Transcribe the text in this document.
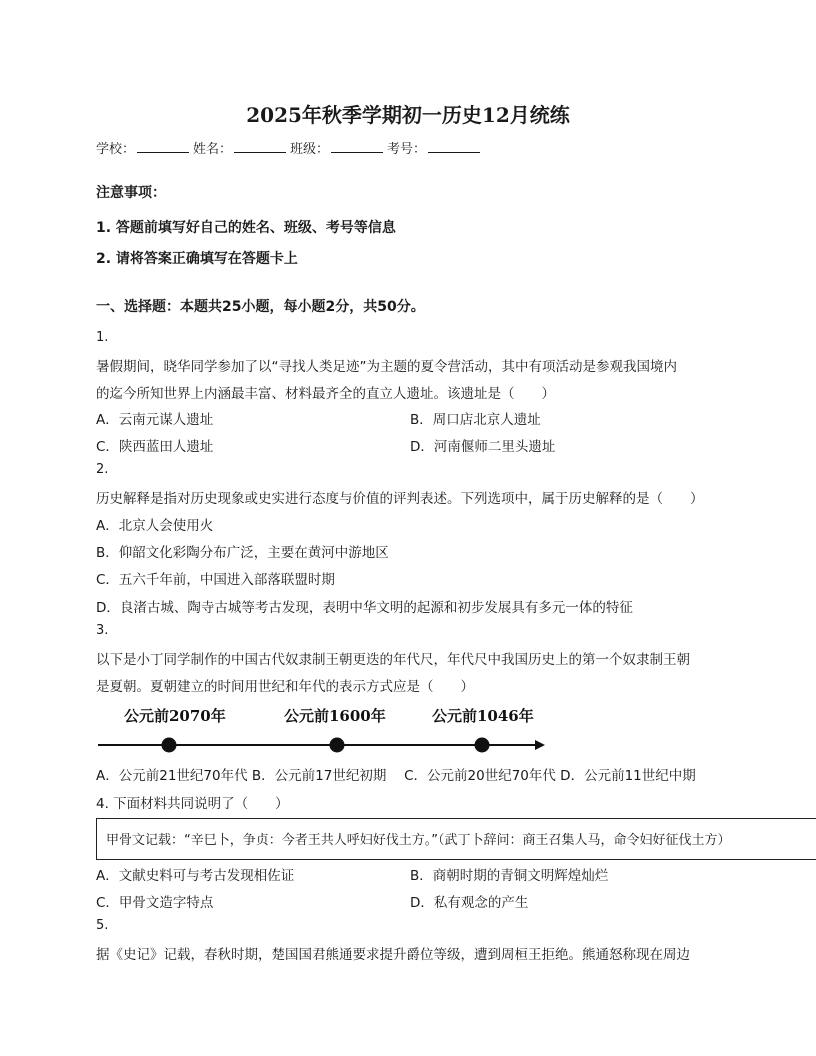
2025年秋季学期初一历史12月统练
学校：	姓名：	班级：	考号：
注意事项：
1. 答题前填写好自己的姓名、班级、考号等信息
2. 请将答案正确填写在答题卡上
一、选择题：本题共25小题，每小题2分，共50分。
1.
暑假期间，晓华同学参加了以“寻找人类足迹”为主题的夏令营活动，其中有项活动是参观我国境内
的迄今所知世界上内涵最丰富、材料最齐全的直立人遗址。该遗址是（　　）
A．云南元谋人遗址	B．周口店北京人遗址
C．陕西蓝田人遗址	D．河南偃师二里头遗址
2.
历史解释是指对历史现象或史实进行态度与价值的评判表述。下列选项中，属于历史解释的是（　　）
A．北京人会使用火
B．仰韶文化彩陶分布广泛，主要在黄河中游地区
C．五六千年前，中国进入部落联盟时期
D．良渚古城、陶寺古城等考古发现，表明中华文明的起源和初步发展具有多元一体的特征
3.
以下是小丁同学制作的中国古代奴隶制王朝更迭的年代尺，年代尺中我国历史上的第一个奴隶制王朝
是夏朝。夏朝建立的时间用世纪和年代的表示方式应是（　　）
公元前2070年	公元前1600年	公元前1046年
A．公元前21世纪70年代 B．公元前17世纪初期　 C．公元前20世纪70年代 D．公元前11世纪中期
4. 下面材料共同说明了（　　）
甲骨文记载：“辛巳卜，争贞：今者王共人呼妇好伐土方。”（武丁卜辞问：商王召集人马，命令妇好征伐土方）
A．文献史料可与考古发现相佐证	B．商朝时期的青铜文明辉煌灿烂
C．甲骨文造字特点	D．私有观念的产生
5.
据《史记》记载，春秋时期，楚国国君熊通要求提升爵位等级，遭到周桓王拒绝。熊通怒称现在周边
